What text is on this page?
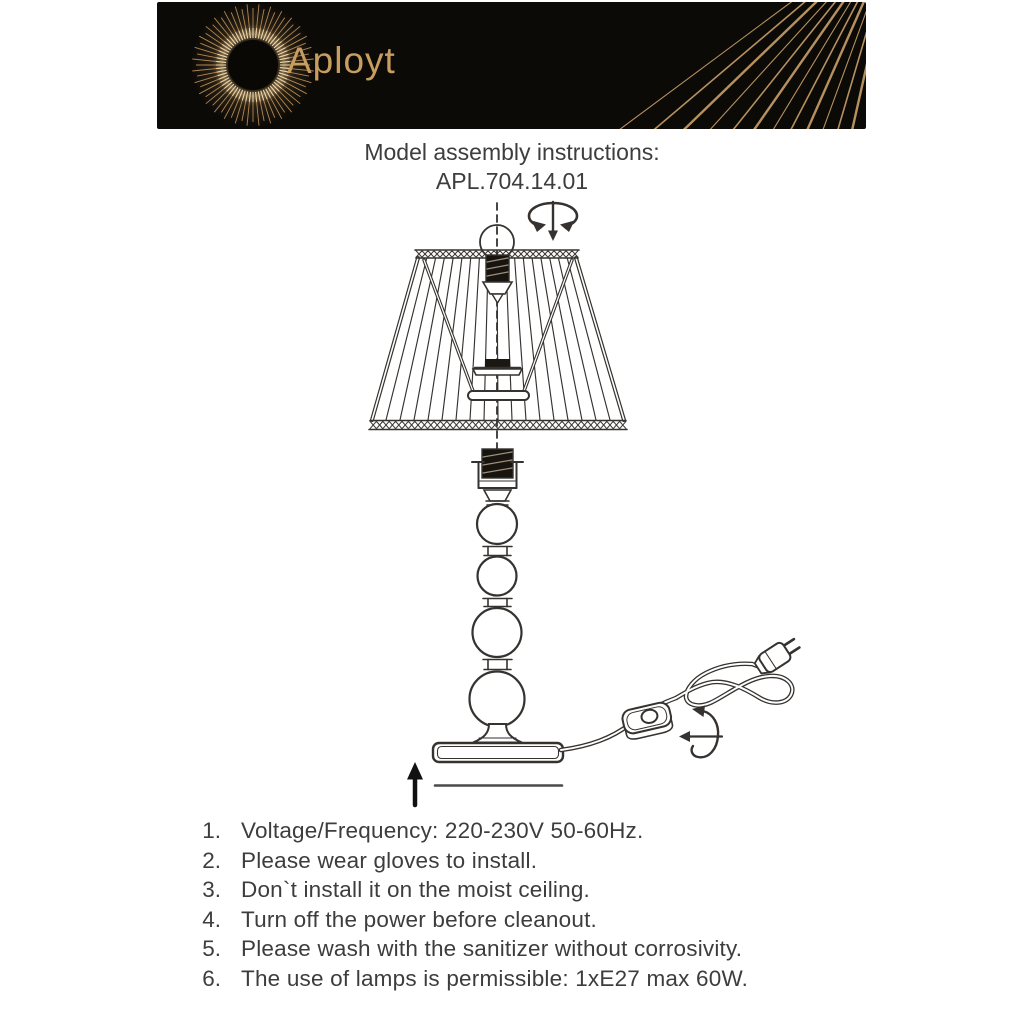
Aployt
Model assembly instructions:
APL.704.14.01
1. Voltage/Frequency: 220-230V 50-60Hz.
2. Please wear gloves to install.
3. Don`t install it on the moist ceiling.
4. Turn off the power before cleanout.
5. Please wash with the sanitizer without corrosivity.
6. The use of lamps is permissible: 1xE27 max 60W.
